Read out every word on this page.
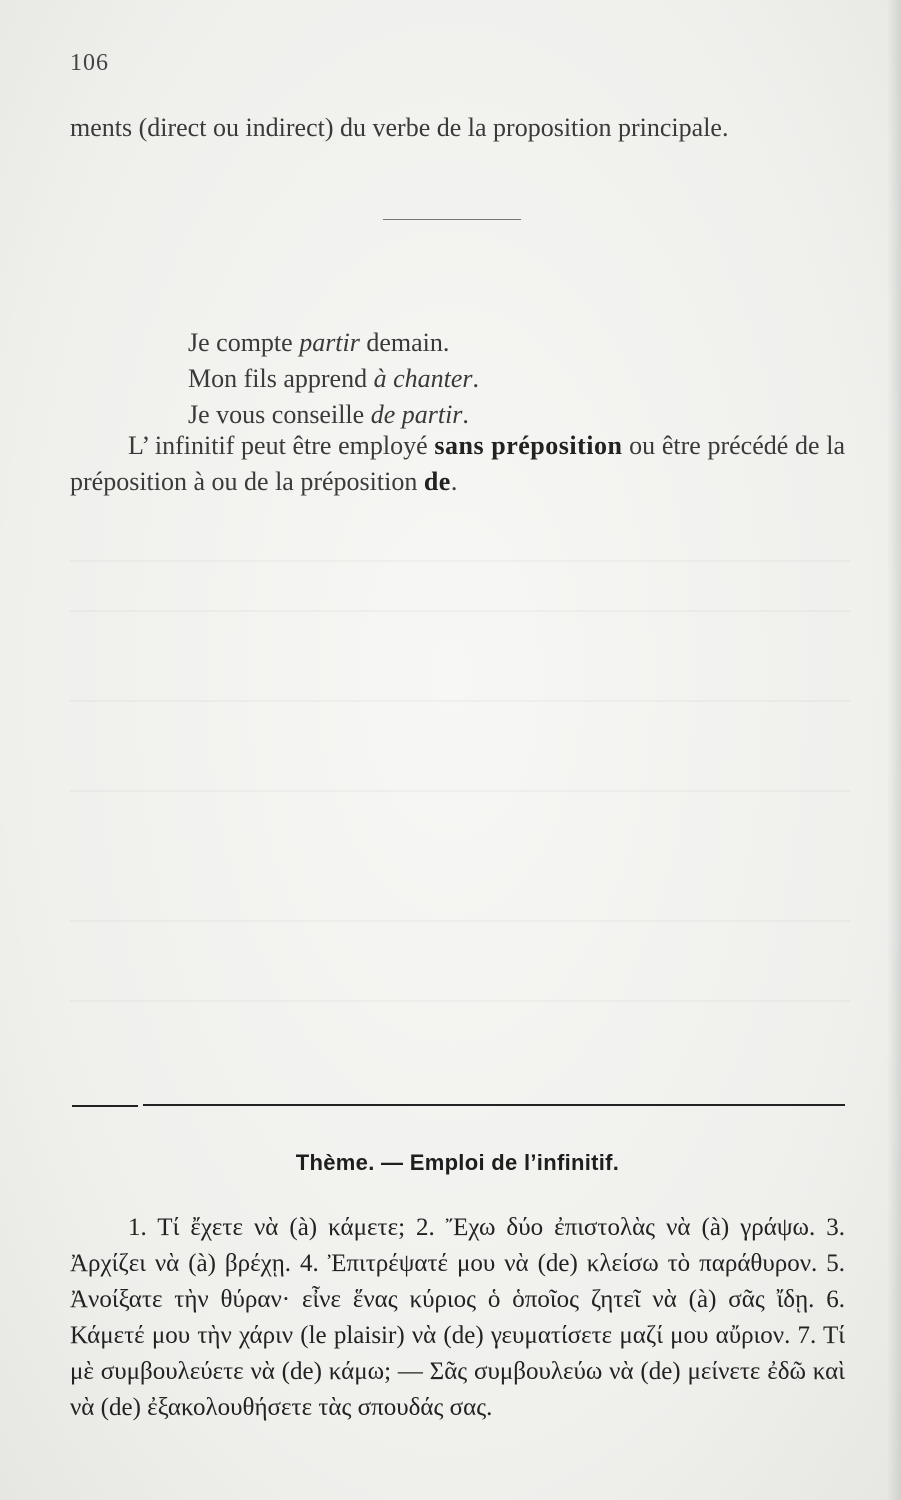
106
ments (direct ou indirect) du verbe de la proposition principale.
Je compte partir demain.
Mon fils apprend à chanter.
Je vous conseille de partir.
L’ infinitif peut être employé sans préposition ou être précédé de la préposition à ou de la préposition de.
Thème. — Emploi de l’infinitif.
1. Τί ἔχετε νὰ (à) κάμετε; 2. Ἔχω δύο ἐπιστολὰς νὰ (à) γράψω. 3. Ἀρχίζει νὰ (à) βρέχῃ. 4. Ἐπιτρέψατέ μου νὰ (de) κλείσω τὸ παράθυρον. 5. Ἀνοίξατε τὴν θύραν· εἶνε ἕνας κύριος ὁ ὁποῖος ζητεῖ νὰ (à) σᾶς ἴδῃ. 6. Κάμετέ μου τὴν χάριν (le plaisir) νὰ (de) γευματίσετε μαζί μου αὔριον. 7. Τί μὲ συμβουλεύετε νὰ (de) κάμω; — Σᾶς συμβουλεύω νὰ (de) μείνετε ἐδῶ καὶ νὰ (de) ἐξακολουθήσετε τὰς σπουδάς σας.
